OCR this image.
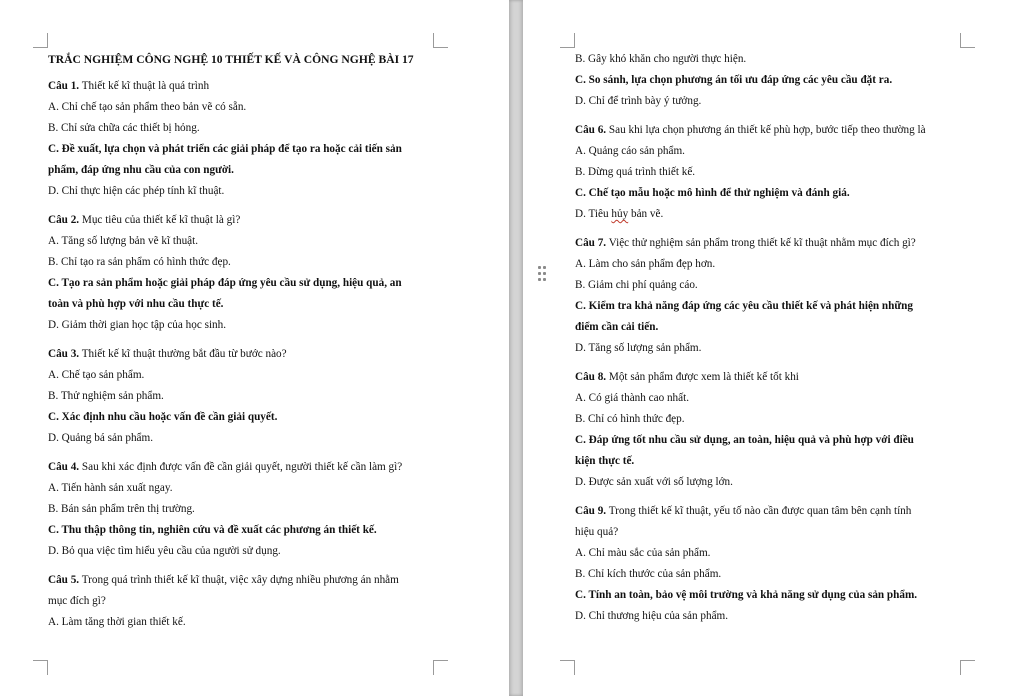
TRẮC NGHIỆM CÔNG NGHỆ 10 THIẾT KẾ VÀ CÔNG NGHỆ BÀI 17
Câu 1. Thiết kế kĩ thuật là quá trình
A. Chỉ chế tạo sản phẩm theo bản vẽ có sẵn.
B. Chỉ sửa chữa các thiết bị hỏng.
C. Đề xuất, lựa chọn và phát triển các giải pháp để tạo ra hoặc cải tiến sản
phẩm, đáp ứng nhu cầu của con người.
D. Chỉ thực hiện các phép tính kĩ thuật.
Câu 2. Mục tiêu của thiết kế kĩ thuật là gì?
A. Tăng số lượng bản vẽ kĩ thuật.
B. Chỉ tạo ra sản phẩm có hình thức đẹp.
C. Tạo ra sản phẩm hoặc giải pháp đáp ứng yêu cầu sử dụng, hiệu quả, an
toàn và phù hợp với nhu cầu thực tế.
D. Giảm thời gian học tập của học sinh.
Câu 3. Thiết kế kĩ thuật thường bắt đầu từ bước nào?
A. Chế tạo sản phẩm.
B. Thử nghiệm sản phẩm.
C. Xác định nhu cầu hoặc vấn đề cần giải quyết.
D. Quảng bá sản phẩm.
Câu 4. Sau khi xác định được vấn đề cần giải quyết, người thiết kế cần làm gì?
A. Tiến hành sản xuất ngay.
B. Bán sản phẩm trên thị trường.
C. Thu thập thông tin, nghiên cứu và đề xuất các phương án thiết kế.
D. Bỏ qua việc tìm hiểu yêu cầu của người sử dụng.
Câu 5. Trong quá trình thiết kế kĩ thuật, việc xây dựng nhiều phương án nhằm
mục đích gì?
A. Làm tăng thời gian thiết kế.
B. Gây khó khăn cho người thực hiện.
C. So sánh, lựa chọn phương án tối ưu đáp ứng các yêu cầu đặt ra.
D. Chỉ để trình bày ý tưởng.
Câu 6. Sau khi lựa chọn phương án thiết kế phù hợp, bước tiếp theo thường là
A. Quảng cáo sản phẩm.
B. Dừng quá trình thiết kế.
C. Chế tạo mẫu hoặc mô hình để thử nghiệm và đánh giá.
D. Tiêu hủy bản vẽ.
Câu 7. Việc thử nghiệm sản phẩm trong thiết kế kĩ thuật nhằm mục đích gì?
A. Làm cho sản phẩm đẹp hơn.
B. Giảm chi phí quảng cáo.
C. Kiểm tra khả năng đáp ứng các yêu cầu thiết kế và phát hiện những
điểm cần cải tiến.
D. Tăng số lượng sản phẩm.
Câu 8. Một sản phẩm được xem là thiết kế tốt khi
A. Có giá thành cao nhất.
B. Chỉ có hình thức đẹp.
C. Đáp ứng tốt nhu cầu sử dụng, an toàn, hiệu quả và phù hợp với điều
kiện thực tế.
D. Được sản xuất với số lượng lớn.
Câu 9. Trong thiết kế kĩ thuật, yếu tố nào cần được quan tâm bên cạnh tính
hiệu quả?
A. Chỉ màu sắc của sản phẩm.
B. Chỉ kích thước của sản phẩm.
C. Tính an toàn, bảo vệ môi trường và khả năng sử dụng của sản phẩm.
D. Chỉ thương hiệu của sản phẩm.
